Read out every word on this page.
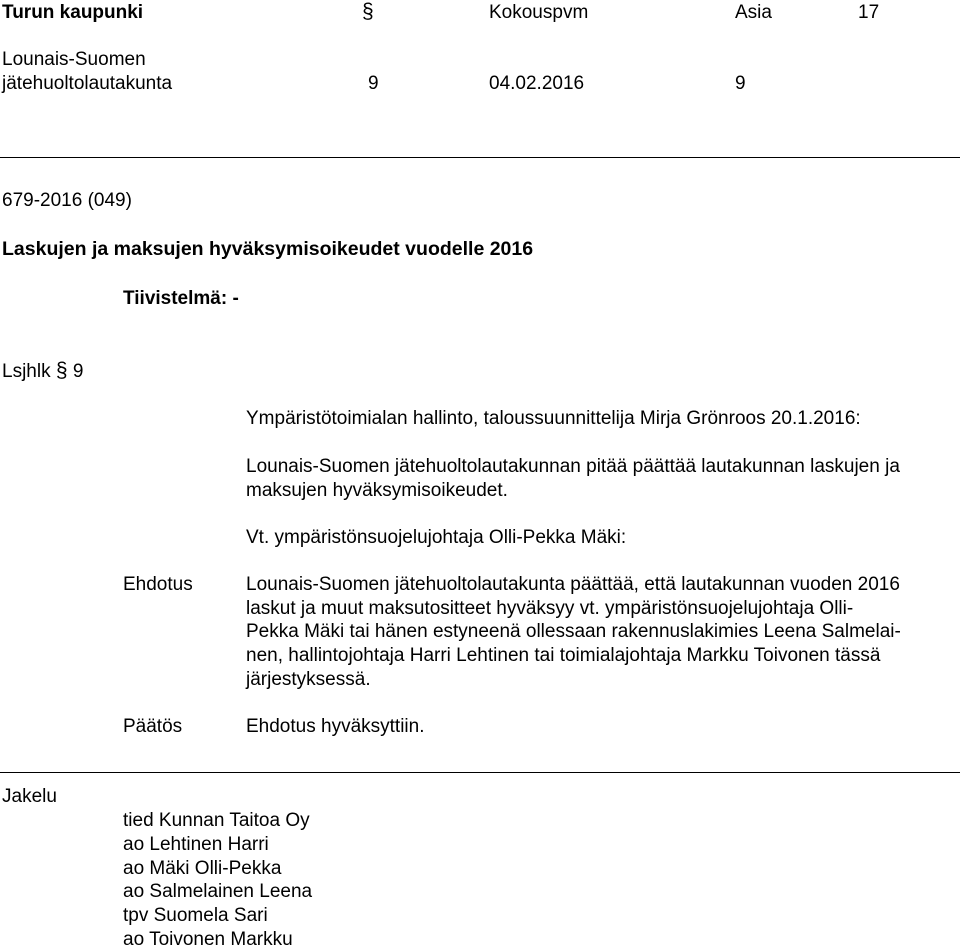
Turun kaupunki	§	Kokouspvm	Asia	17
Lounais-Suomen
jätehuoltolautakunta	9	04.02.2016	9
679-2016 (049)
Laskujen ja maksujen hyväksymisoikeudet vuodelle 2016
Tiivistelmä: -
Lsjhlk § 9
Ympäristötoimialan hallinto, taloussuunnittelija Mirja Grönroos 20.1.2016:
Lounais-Suomen jätehuoltolautakunnan pitää päättää lautakunnan laskujen ja
maksujen hyväksymisoikeudet.
Vt. ympäristönsuojelujohtaja Olli-Pekka Mäki:
Ehdotus	Lounais-Suomen jätehuoltolautakunta päättää, että lautakunnan vuoden 2016
laskut ja muut maksutositteet hyväksyy vt. ympäristönsuojelujohtaja Olli-
Pekka Mäki tai hänen estyneenä ollessaan rakennuslakimies Leena Salmelai-
nen, hallintojohtaja Harri Lehtinen tai toimialajohtaja Markku Toivonen tässä
järjestyksessä.
Päätös	Ehdotus hyväksyttiin.
Jakelu
tied Kunnan Taitoa Oy
ao Lehtinen Harri
ao Mäki Olli-Pekka
ao Salmelainen Leena
tpv Suomela Sari
ao Toivonen Markku
